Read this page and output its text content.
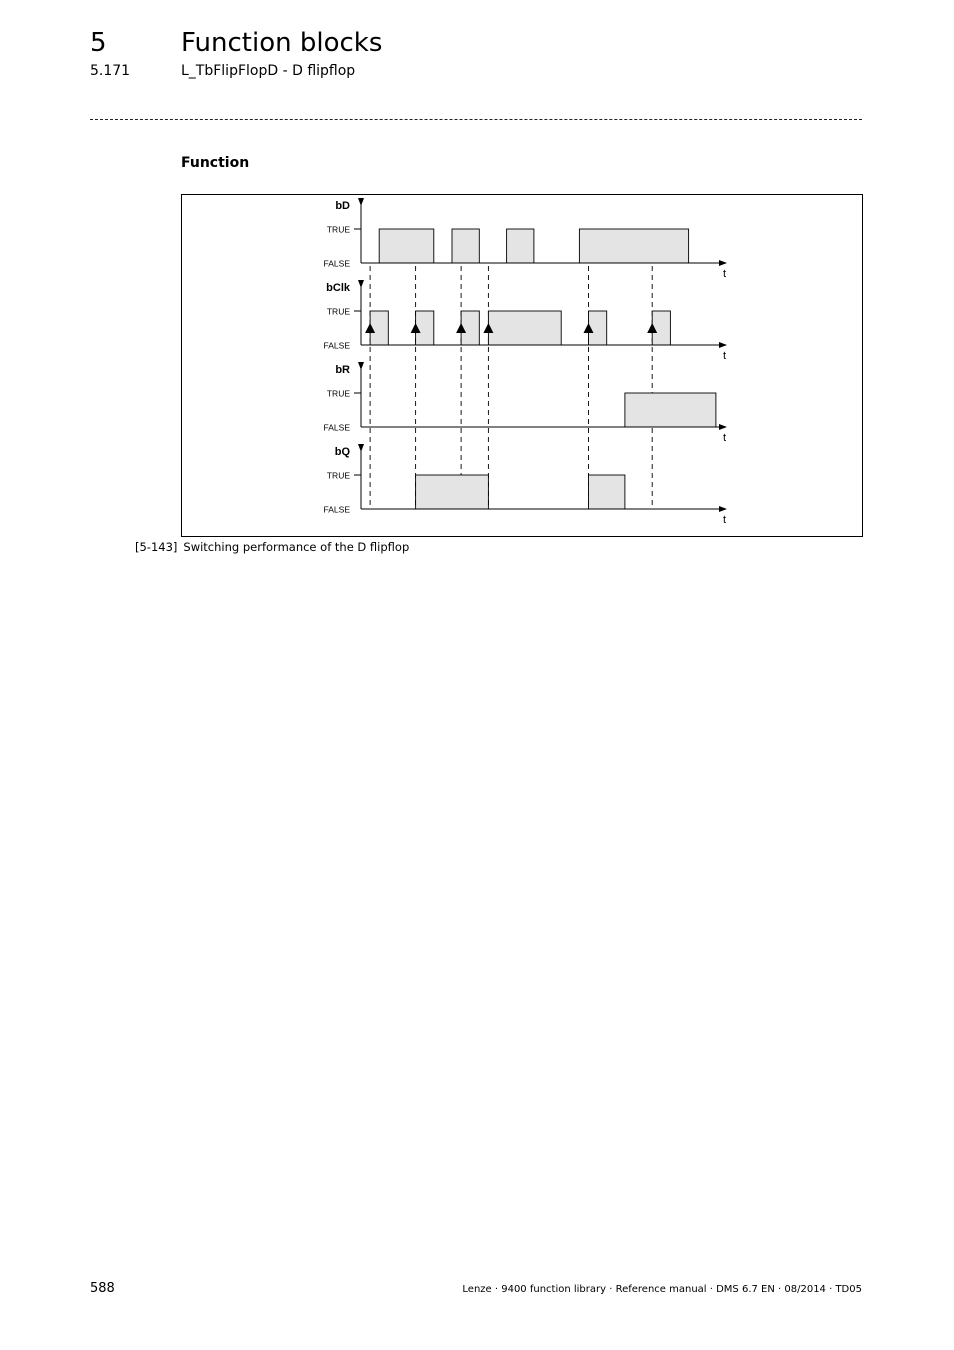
5	Function blocks
5.171	L_TbFlipFlopD - D flipflop
Function
bD
TRUE
FALSE
t
bClk
TRUE
FALSE
t
bR
TRUE
FALSE
t
bQ
TRUE
FALSE
t
[5-143] Switching performance of the D flipflop
588	Lenze · 9400 function library · Reference manual · DMS 6.7 EN · 08/2014 · TD05
